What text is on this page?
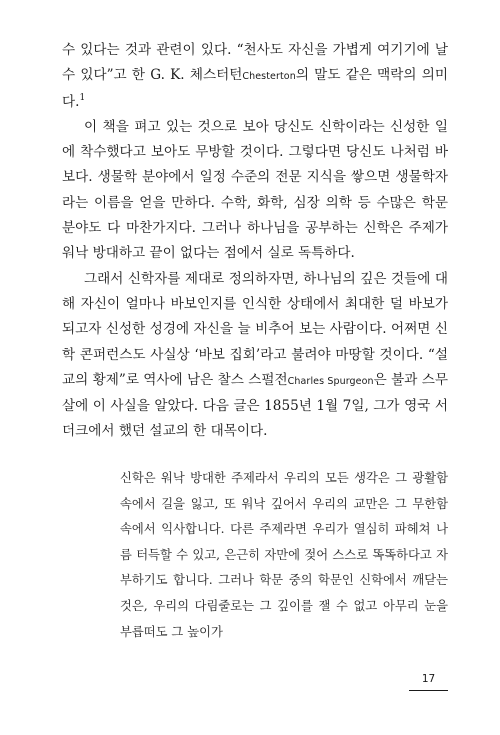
수 있다는 것과 관련이 있다. “천사도 자신을 가볍게 여기기에 날 수 있다”고 한 G. K. 체스터턴Chesterton의 말도 같은 맥락의 의미다.$^1$

이 책을 펴고 있는 것으로 보아 당신도 신학이라는 신성한 일에 착수했다고 보아도 무방할 것이다. 그렇다면 당신도 나처럼 바보다. 생물학 분야에서 일정 수준의 전문 지식을 쌓으면 생물학자라는 이름을 얻을 만하다. 수학, 화학, 심장 의학 등 수많은 학문 분야도 다 마찬가지다. 그러나 하나님을 공부하는 신학은 주제가 워낙 방대하고 끝이 없다는 점에서 실로 독특하다.

그래서 신학자를 제대로 정의하자면, 하나님의 깊은 것들에 대해 자신이 얼마나 바보인지를 인식한 상태에서 최대한 덜 바보가 되고자 신성한 성경에 자신을 늘 비추어 보는 사람이다. 어쩌면 신학 콘퍼런스도 사실상 ‘바보 집회’라고 불려야 마땅할 것이다. “설교의 황제”로 역사에 남은 찰스 스펄전Charles Spurgeon은 불과 스무 살에 이 사실을 알았다. 다음 글은 1855년 1월 7일, 그가 영국 서더크에서 했던 설교의 한 대목이다.

신학은 워낙 방대한 주제라서 우리의 모든 생각은 그 광활함 속에서 길을 잃고, 또 워낙 깊어서 우리의 교만은 그 무한함 속에서 익사합니다. 다른 주제라면 우리가 열심히 파헤쳐 나름 터득할 수 있고, 은근히 자만에 젖어 스스로 똑똑하다고 자부하기도 합니다. 그러나 학문 중의 학문인 신학에서 깨닫는 것은, 우리의 다림줄로는 그 깊이를 잴 수 없고 아무리 눈을 부릅떠도 그 높이가

17
